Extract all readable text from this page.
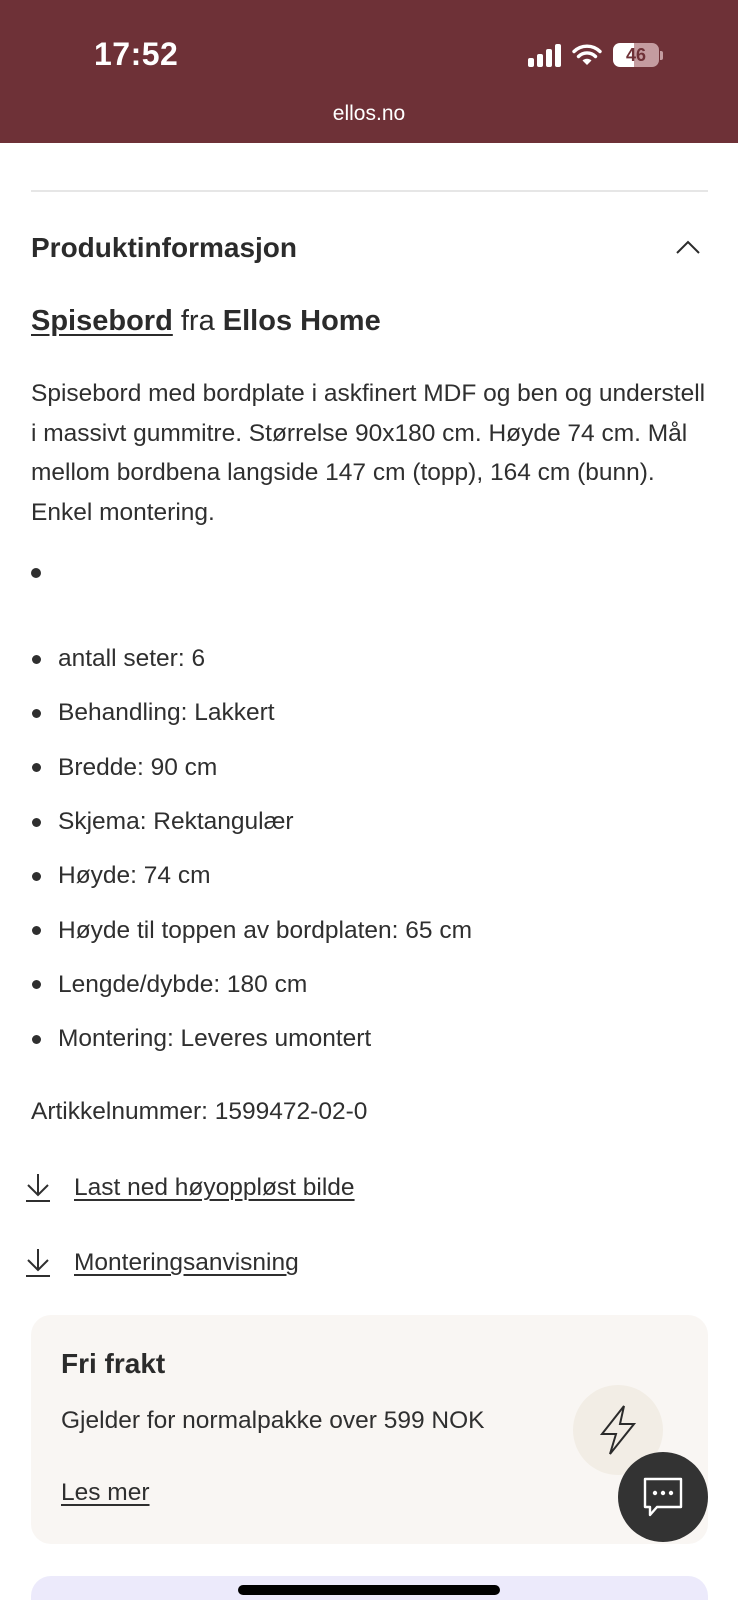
17:52	46
ellos.no
Produktinformasjon
Spisebord fra Ellos Home

Spisebord med bordplate i askfinert MDF og ben og understell i massivt gummitre. Størrelse 90x180 cm. Høyde 74 cm. Mål mellom bordbena langside 147 cm (topp), 164 cm (bunn). Enkel montering.

antall seter: 6
Behandling: Lakkert
Bredde: 90 cm
Skjema: Rektangulær
Høyde: 74 cm
Høyde til toppen av bordplaten: 65 cm
Lengde/dybde: 180 cm
Montering: Leveres umontert
Artikkelnummer: 1599472-02-0
Last ned høyoppløst bilde
Monteringsanvisning
Fri frakt
Gjelder for normalpakke over 599 NOK
Les mer
